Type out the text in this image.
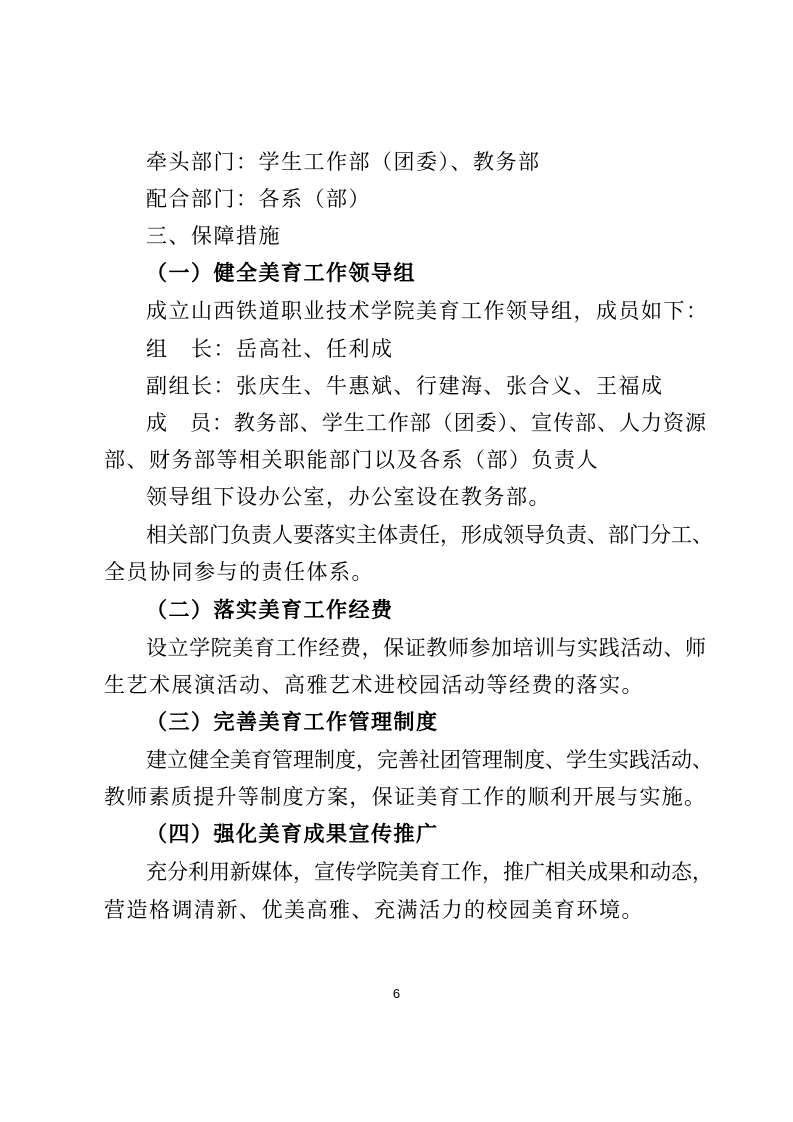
牵头部门：学生工作部（团委）、教务部
配合部门：各系（部）
三、保障措施
（一）健全美育工作领导组
成立山西铁道职业技术学院美育工作领导组，成员如下：
组　长：岳高社、任利成
副组长：张庆生、牛惠斌、行建海、张合义、王福成
成　员：教务部、学生工作部（团委）、宣传部、人力资源
部、财务部等相关职能部门以及各系（部）负责人
领导组下设办公室，办公室设在教务部。
相关部门负责人要落实主体责任，形成领导负责、部门分工、
全员协同参与的责任体系。
（二）落实美育工作经费
设立学院美育工作经费，保证教师参加培训与实践活动、师
生艺术展演活动、高雅艺术进校园活动等经费的落实。
（三）完善美育工作管理制度
建立健全美育管理制度，完善社团管理制度、学生实践活动、
教师素质提升等制度方案，保证美育工作的顺利开展与实施。
（四）强化美育成果宣传推广
充分利用新媒体，宣传学院美育工作，推广相关成果和动态，
营造格调清新、优美高雅、充满活力的校园美育环境。
6
